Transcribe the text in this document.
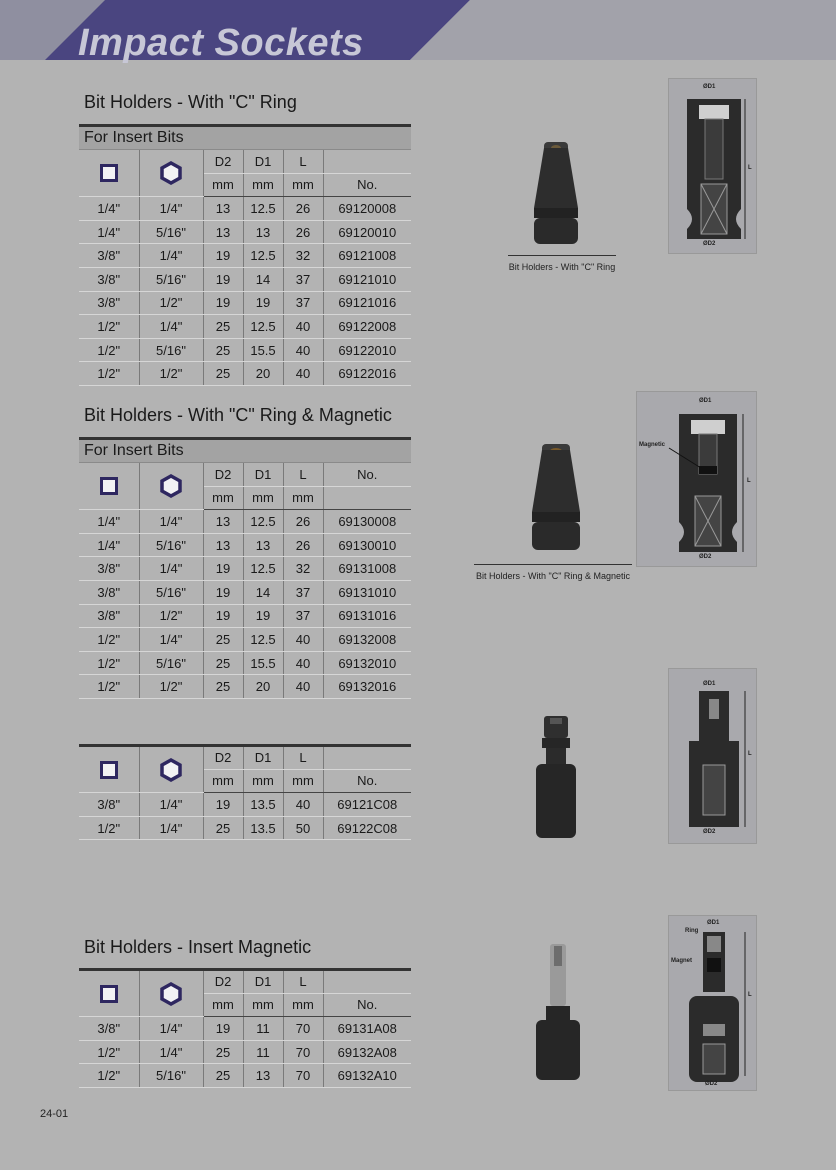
Impact Sockets
Bit Holders - With "C" Ring
For Insert Bits					
		D2	D1	L	
		mm	mm	mm	No.
1/4"	1/4"	13	12.5	26	69120008
1/4"	5/16"	13	13	26	69120010
3/8"	1/4"	19	12.5	32	69121008
3/8"	5/16"	19	14	37	69121010
3/8"	1/2"	19	19	37	69121016
1/2"	1/4"	25	12.5	40	69122008
1/2"	5/16"	25	15.5	40	69122010
1/2"	1/2"	25	20	40	69122016
Bit Holders - With "C" Ring
ØD1
L
ØD2
Bit Holders - With "C" Ring & Magnetic
For Insert Bits					
		D2	D1	L	No.
		mm	mm	mm	
1/4"	1/4"	13	12.5	26	69130008
1/4"	5/16"	13	13	26	69130010
3/8"	1/4"	19	12.5	32	69131008
3/8"	5/16"	19	14	37	69131010
3/8"	1/2"	19	19	37	69131016
1/2"	1/4"	25	12.5	40	69132008
1/2"	5/16"	25	15.5	40	69132010
1/2"	1/2"	25	20	40	69132016
Bit Holders - With "C" Ring & Magnetic
ØD1
Magnetic
L
ØD2
		D2	D1	L	
		mm	mm	mm	No.
3/8"	1/4"	19	13.5	40	69121C08
1/2"	1/4"	25	13.5	50	69122C08
ØD1
L
ØD2
Bit Holders - Insert Magnetic
		D2	D1	L	
		mm	mm	mm	No.
3/8"	1/4"	19	11	70	69131A08
1/2"	1/4"	25	11	70	69132A08
1/2"	5/16"	25	13	70	69132A10
ØD1
Ring
Magnet
L
ØD2
24-01
